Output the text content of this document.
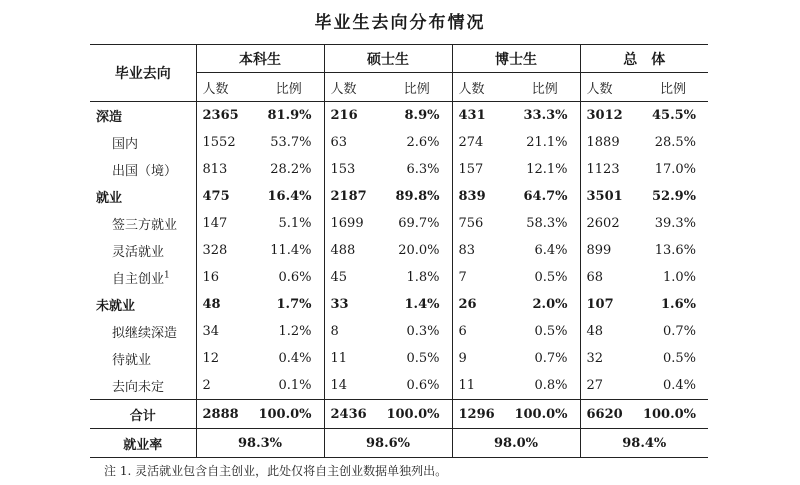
毕业生去向分布情况
毕业去向	本科生		硕士生		博士生		总　体	
	人数	比例	人数	比例	人数	比例	人数	比例
深造	2365	81.9%	216	8.9%	431	33.3%	3012	45.5%
国内	1552	53.7%	63	2.6%	274	21.1%	1889	28.5%
出国（境）	813	28.2%	153	6.3%	157	12.1%	1123	17.0%
就业	475	16.4%	2187	89.8%	839	64.7%	3501	52.9%
签三方就业	147	5.1%	1699	69.7%	756	58.3%	2602	39.3%
灵活就业	328	11.4%	488	20.0%	83	6.4%	899	13.6%
自主创业$^1$	16	0.6%	45	1.8%	7	0.5%	68	1.0%
未就业	48	1.7%	33	1.4%	26	2.0%	107	1.6%
拟继续深造	34	1.2%	8	0.3%	6	0.5%	48	0.7%
待就业	12	0.4%	11	0.5%	9	0.7%	32	0.5%
去向未定	2	0.1%	14	0.6%	11	0.8%	27	0.4%
合计	2888	100.0%	2436	100.0%	1296	100.0%	6620	100.0%
就业率	98.3%		98.6%		98.0%		98.4%	
注 1. 灵活就业包含自主创业，此处仅将自主创业数据单独列出。
